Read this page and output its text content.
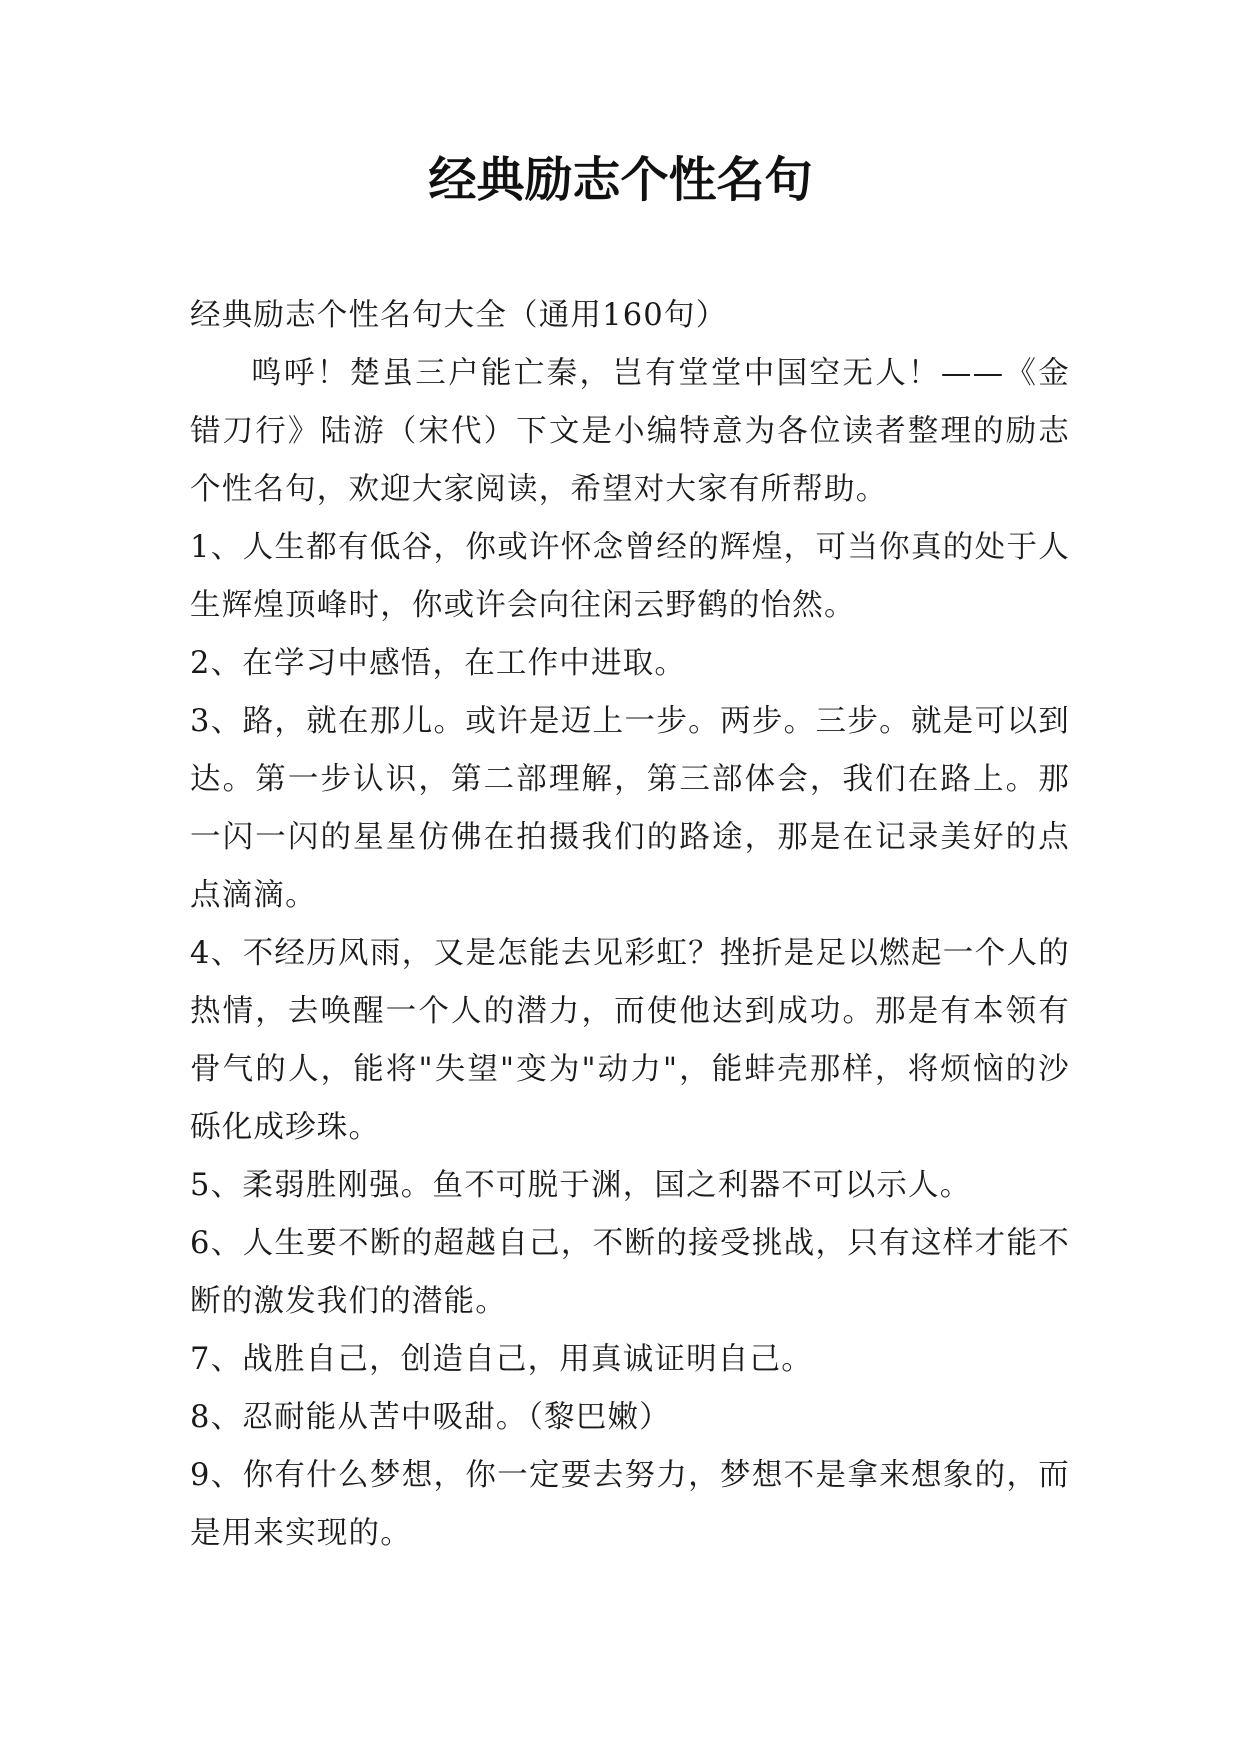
经典励志个性名句

经典励志个性名句大全（通用160句）

鸣呼！楚虽三户能亡秦，岂有堂堂中国空无人！——《金错刀行》陆游（宋代）下文是小编特意为各位读者整理的励志个性名句，欢迎大家阅读，希望对大家有所帮助。

1、人生都有低谷，你或许怀念曾经的辉煌，可当你真的处于人生辉煌顶峰时，你或许会向往闲云野鹤的怡然。

2、在学习中感悟，在工作中进取。

3、路，就在那儿。或许是迈上一步。两步。三步。就是可以到达。第一步认识，第二部理解，第三部体会，我们在路上。那一闪一闪的星星仿佛在拍摄我们的路途，那是在记录美好的点点滴滴。

4、不经历风雨，又是怎能去见彩虹？挫折是足以燃起一个人的热情，去唤醒一个人的潜力，而使他达到成功。那是有本领有骨气的人，能将"失望"变为"动力"，能蚌壳那样，将烦恼的沙砾化成珍珠。

5、柔弱胜刚强。鱼不可脱于渊，国之利器不可以示人。

6、人生要不断的超越自己，不断的接受挑战，只有这样才能不断的激发我们的潜能。

7、战胜自己，创造自己，用真诚证明自己。

8、忍耐能从苦中吸甜。（黎巴嫩）

9、你有什么梦想，你一定要去努力，梦想不是拿来想象的，而是用来实现的。
